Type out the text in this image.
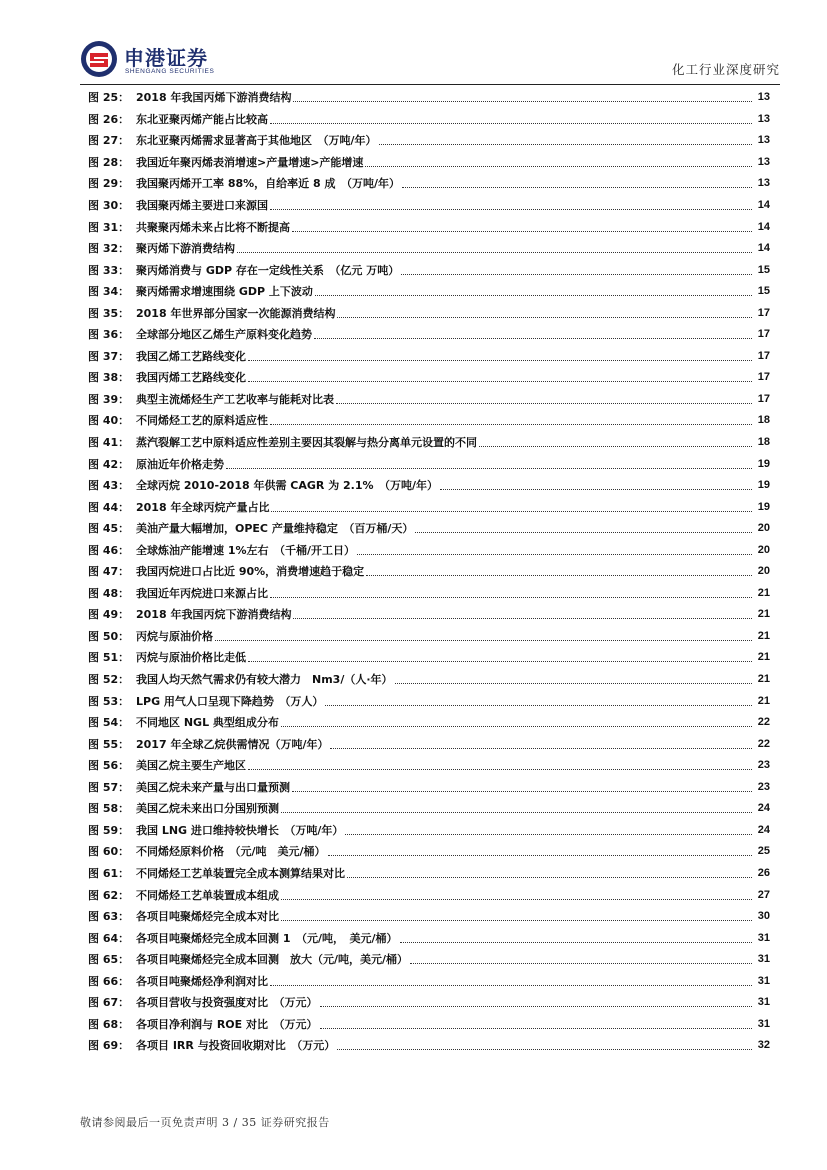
申港证券
SHENGANG SECURITIES	化工行业深度研究
图 25： 2018 年我国丙烯下游消费结构	13
图 26： 东北亚聚丙烯产能占比较高	13
图 27： 东北亚聚丙烯需求显著高于其他地区　（万吨/年）	13
图 28： 我国近年聚丙烯表消增速>产量增速>产能增速	13
图 29： 我国聚丙烯开工率 88%，自给率近 8 成　（万吨/年）	13
图 30： 我国聚丙烯主要进口来源国	14
图 31： 共聚聚丙烯未来占比将不断提高	14
图 32： 聚丙烯下游消费结构	14
图 33： 聚丙烯消费与 GDP 存在一定线性关系　（亿元 万吨）	15
图 34： 聚丙烯需求增速围绕 GDP 上下波动	15
图 35： 2018 年世界部分国家一次能源消费结构	17
图 36： 全球部分地区乙烯生产原料变化趋势	17
图 37： 我国乙烯工艺路线变化	17
图 38： 我国丙烯工艺路线变化	17
图 39： 典型主流烯烃生产工艺收率与能耗对比表	17
图 40： 不同烯烃工艺的原料适应性	18
图 41： 蒸汽裂解工艺中原料适应性差别主要因其裂解与热分离单元设置的不同	18
图 42： 原油近年价格走势	19
图 43： 全球丙烷 2010-2018 年供需 CAGR 为 2.1%　（万吨/年）	19
图 44： 2018 年全球丙烷产量占比	19
图 45： 美油产量大幅增加，OPEC 产量维持稳定　（百万桶/天）	20
图 46： 全球炼油产能增速 1%左右　（千桶/开工日）	20
图 47： 我国丙烷进口占比近 90%，消费增速趋于稳定	20
图 48： 我国近年丙烷进口来源占比	21
图 49： 2018 年我国丙烷下游消费结构	21
图 50： 丙烷与原油价格	21
图 51： 丙烷与原油价格比走低	21
图 52： 我国人均天然气需求仍有较大潜力　Nm3/（人·年）	21
图 53： LPG 用气人口呈现下降趋势　（万人）	21
图 54： 不同地区 NGL 典型组成分布	22
图 55： 2017 年全球乙烷供需情况（万吨/年）	22
图 56： 美国乙烷主要生产地区	23
图 57： 美国乙烷未来产量与出口量预测	23
图 58： 美国乙烷未来出口分国别预测	24
图 59： 我国 LNG 进口维持较快增长　（万吨/年）	24
图 60： 不同烯烃原料价格　（元/吨　美元/桶）	25
图 61： 不同烯烃工艺单装置完全成本测算结果对比	26
图 62： 不同烯烃工艺单装置成本组成	27
图 63： 各项目吨聚烯烃完全成本对比	30
图 64： 各项目吨聚烯烃完全成本回测 1　（元/吨，　美元/桶）	31
图 65： 各项目吨聚烯烃完全成本回测　放大（元/吨，美元/桶）	31
图 66： 各项目吨聚烯烃净利润对比	31
图 67： 各项目营收与投资强度对比　（万元）	31
图 68： 各项目净利润与 ROE 对比　（万元）	31
图 69： 各项目 IRR 与投资回收期对比　（万元）	32
敬请参阅最后一页免责声明 3 / 35 证券研究报告
